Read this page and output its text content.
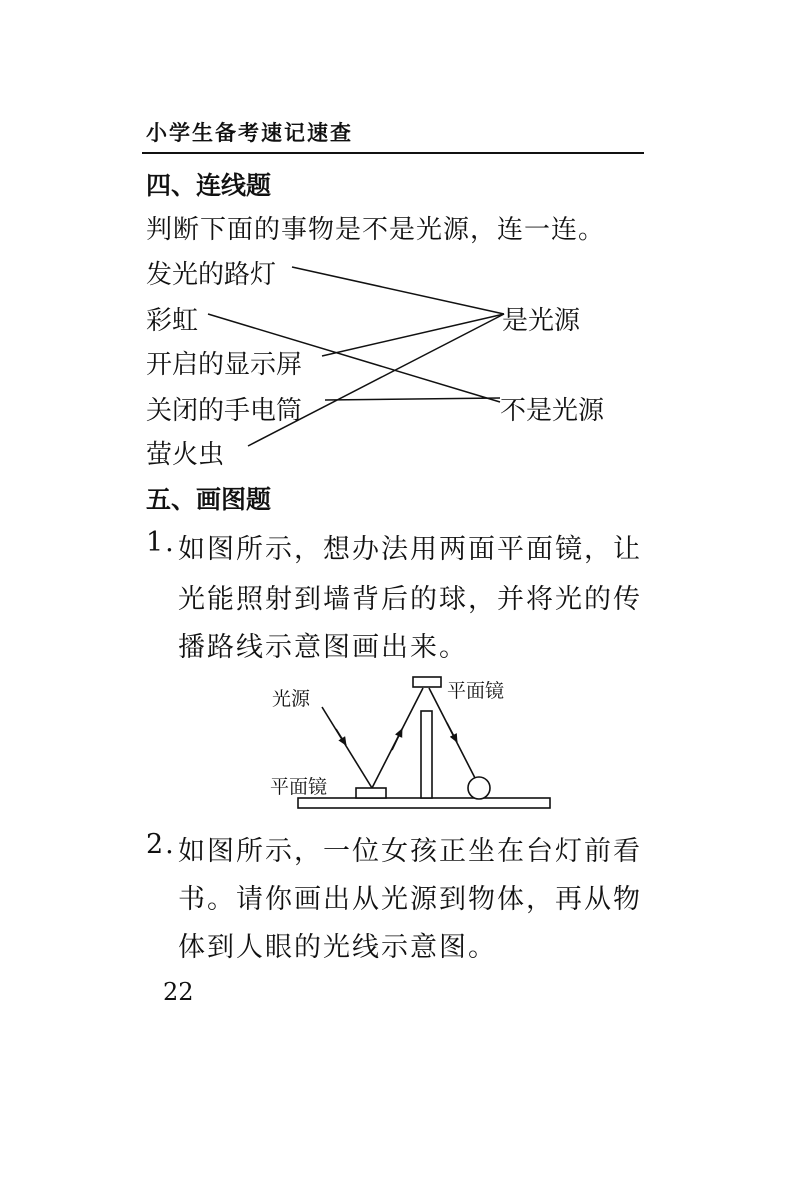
小学生备考速记速查
四、连线题
判断下面的事物是不是光源，连一连。
发光的路灯
彩虹
开启的显示屏
关闭的手电筒
萤火虫
是光源
不是光源
五、画图题
1. 如图所示，想办法用两面平面镜，让
光能照射到墙背后的球，并将光的传
播路线示意图画出来。
光源	平面镜
平面镜
2. 如图所示，一位女孩正坐在台灯前看
书。请你画出从光源到物体，再从物
体到人眼的光线示意图。
22
